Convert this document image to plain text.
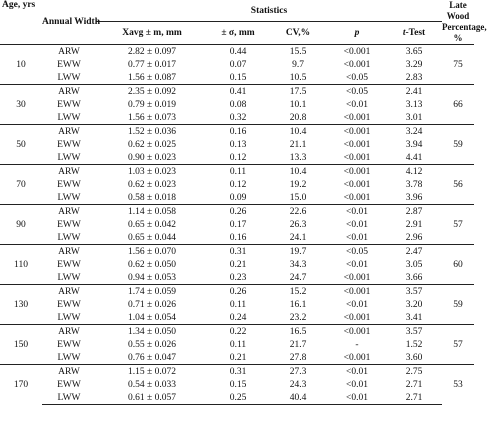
Age, yrs	Annual Width	Statistics					Late Wood Percentage, %
		Xavg ± m, mm	± σ, mm	CV,%	p	t-Test	
10	ARW	2.82 ± 0.097	0.44	15.5	<0.001	3.65	75
	EWW	0.77 ± 0.017	0.07	9.7	<0.001	3.29	
	LWW	1.56 ± 0.087	0.15	10.5	<0.05	2.83	
30	ARW	2.35 ± 0.092	0.41	17.5	<0.05	2.41	66
	EWW	0.79 ± 0.019	0.08	10.1	<0.01	3.13	
	LWW	1.56 ± 0.073	0.32	20.8	<0.001	3.01	
50	ARW	1.52 ± 0.036	0.16	10.4	<0.001	3.24	59
	EWW	0.62 ± 0.025	0.13	21.1	<0.001	3.94	
	LWW	0.90 ± 0.023	0.12	13.3	<0.001	4.41	
70	ARW	1.03 ± 0.023	0.11	10.4	<0.001	4.12	56
	EWW	0.62 ± 0.023	0.12	19.2	<0.001	3.78	
	LWW	0.58 ± 0.018	0.09	15.0	<0.001	3.96	
90	ARW	1.14 ± 0.058	0.26	22.6	<0.01	2.87	57
	EWW	0.65 ± 0.042	0.17	26.3	<0.01	2.91	
	LWW	0.65 ± 0.044	0.16	24.1	<0.01	2.96	
110	ARW	1.56 ± 0.070	0.31	19.7	<0.05	2.47	60
	EWW	0.62 ± 0.050	0.21	34.3	<0.01	3.05	
	LWW	0.94 ± 0.053	0.23	24.7	<0.001	3.66	
130	ARW	1.74 ± 0.059	0.26	15.2	<0.001	3.57	59
	EWW	0.71 ± 0.026	0.11	16.1	<0.01	3.20	
	LWW	1.04 ± 0.054	0.24	23.2	<0.001	3.41	
150	ARW	1.34 ± 0.050	0.22	16.5	<0.001	3.57	57
	EWW	0.55 ± 0.026	0.11	21.7	-	1.52	
	LWW	0.76 ± 0.047	0.21	27.8	<0.001	3.60	
170	ARW	1.15 ± 0.072	0.31	27.3	<0.01	2.75	53
	EWW	0.54 ± 0.033	0.15	24.3	<0.01	2.71	
	LWW	0.61 ± 0.057	0.25	40.4	<0.01	2.71	
